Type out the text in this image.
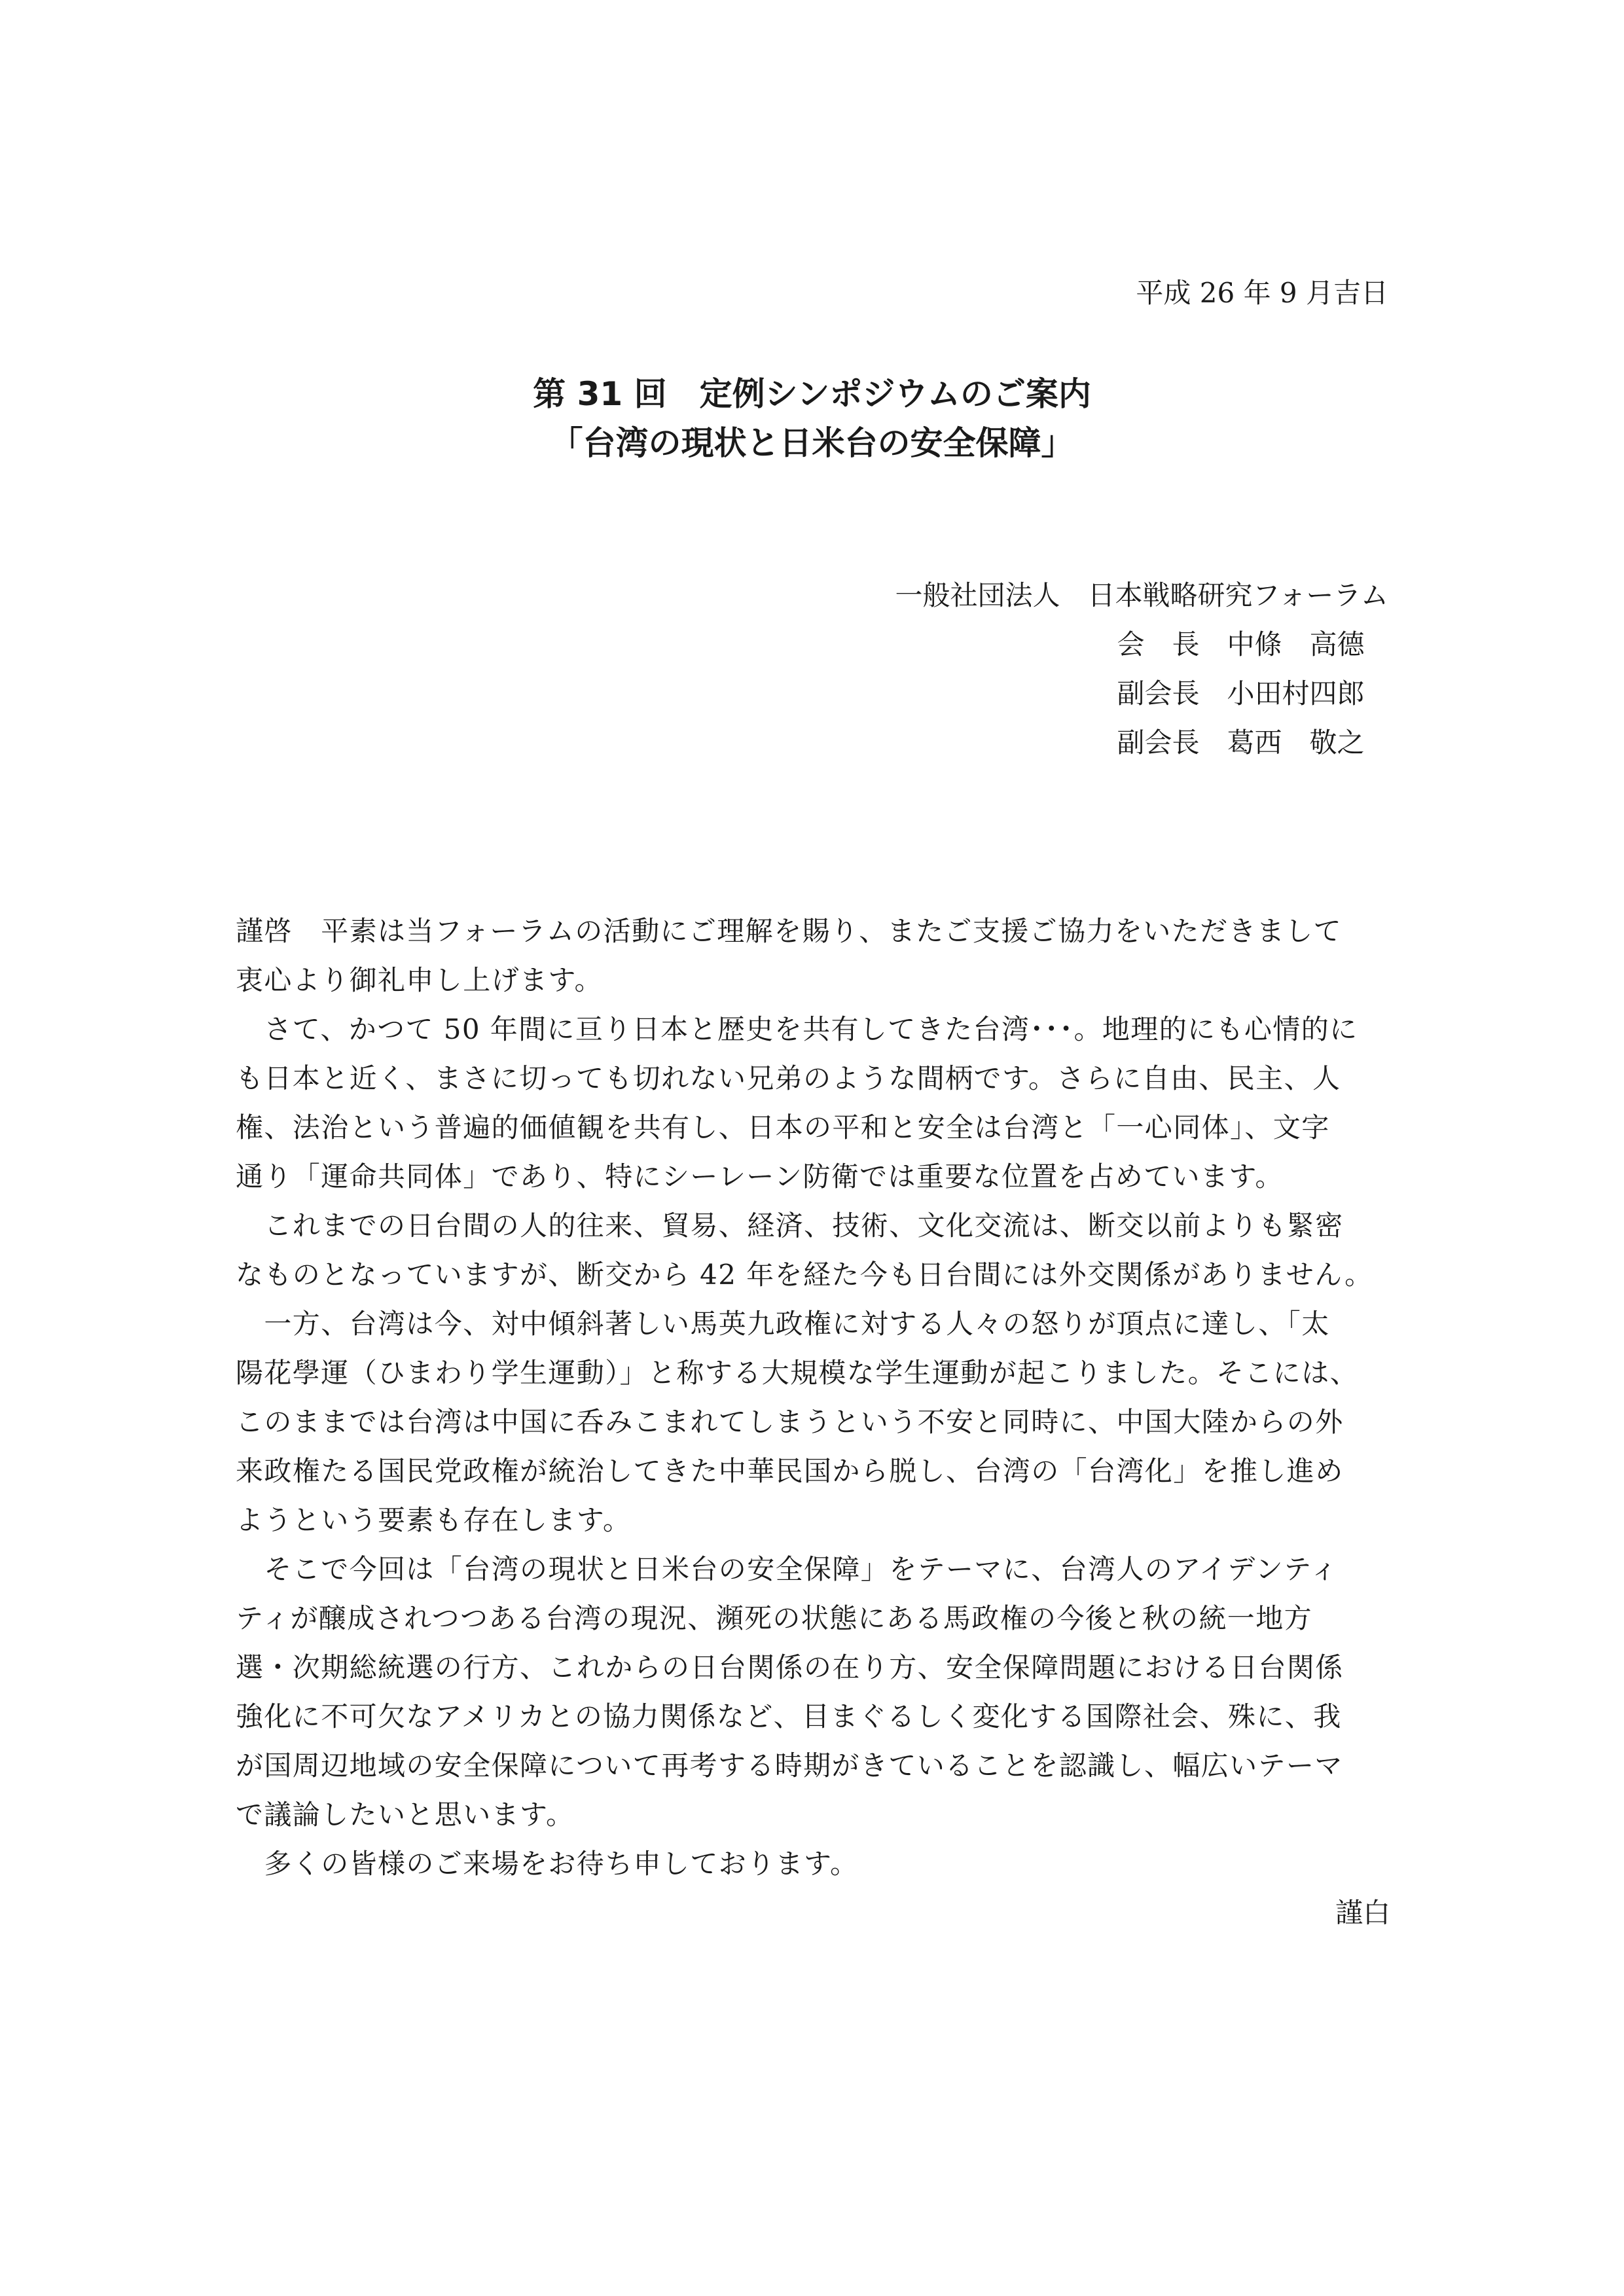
平成 26 年 9 月吉日
第 31 回　定例シンポジウムのご案内
「台湾の現状と日米台の安全保障」
一般社団法人　日本戦略研究フォーラム
会　長　中條　高德
副会長　小田村四郎
副会長　葛西　敬之
謹啓　平素は当フォーラムの活動にご理解を賜り、またご支援ご協力をいただきまして
衷心より御礼申し上げます。
　さて、かつて 50 年間に亘り日本と歴史を共有してきた台湾･･･。地理的にも心情的に
も日本と近く、まさに切っても切れない兄弟のような間柄です。さらに自由、民主、人
権、法治という普遍的価値観を共有し、日本の平和と安全は台湾と「一心同体」、文字
通り「運命共同体」であり、特にシーレーン防衛では重要な位置を占めています。
　これまでの日台間の人的往来、貿易、経済、技術、文化交流は、断交以前よりも緊密
なものとなっていますが、断交から 42 年を経た今も日台間には外交関係がありません。
　一方、台湾は今、対中傾斜著しい馬英九政権に対する人々の怒りが頂点に達し、「太
陽花學運（ひまわり学生運動）」と称する大規模な学生運動が起こりました。そこには、
このままでは台湾は中国に呑みこまれてしまうという不安と同時に、中国大陸からの外
来政権たる国民党政権が統治してきた中華民国から脱し、台湾の「台湾化」を推し進め
ようという要素も存在します。
　そこで今回は「台湾の現状と日米台の安全保障」をテーマに、台湾人のアイデンティ
ティが醸成されつつある台湾の現況、瀕死の状態にある馬政権の今後と秋の統一地方
選・次期総統選の行方、これからの日台関係の在り方、安全保障問題における日台関係
強化に不可欠なアメリカとの協力関係など、目まぐるしく変化する国際社会、殊に、我
が国周辺地域の安全保障について再考する時期がきていることを認識し、幅広いテーマ
で議論したいと思います。
　多くの皆様のご来場をお待ち申しております。
謹白
